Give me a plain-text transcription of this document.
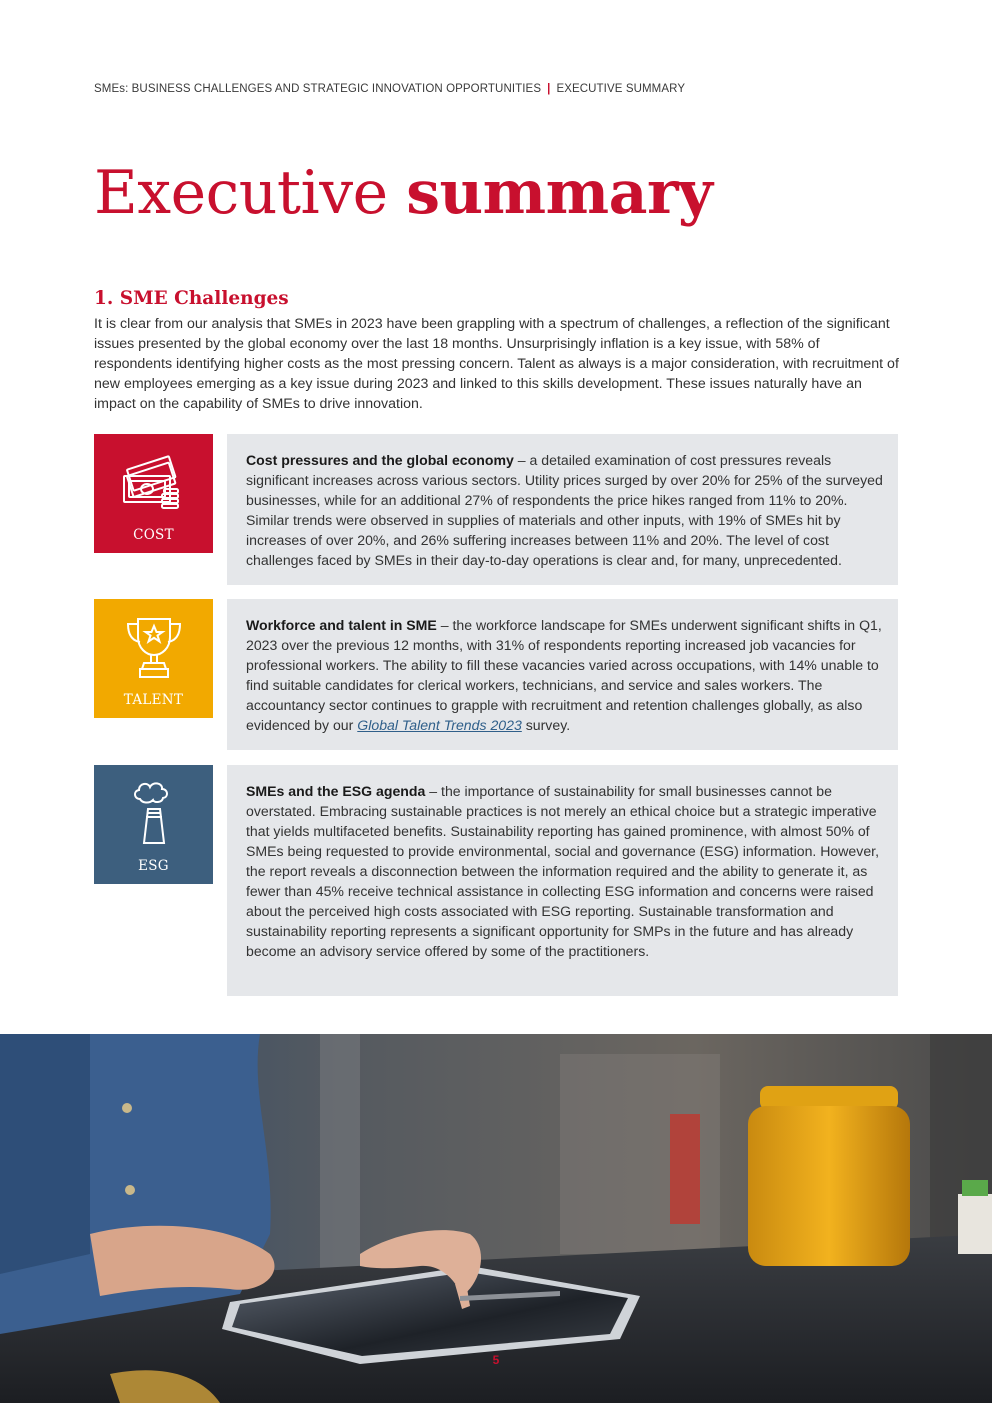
SMEs: BUSINESS CHALLENGES AND STRATEGIC INNOVATION OPPORTUNITIES | EXECUTIVE SUMMARY
Executive summary
1. SME Challenges

It is clear from our analysis that SMEs in 2023 have been grappling with a spectrum of challenges, a reflection of the significant issues presented by the global economy over the last 18 months. Unsurprisingly inflation is a key issue, with 58% of respondents identifying higher costs as the most pressing concern. Talent as always is a major consideration, with recruitment of new employees emerging as a key issue during 2023 and linked to this skills development. These issues naturally have an impact on the capability of SMEs to drive innovation.

COST
Cost pressures and the global economy – a detailed examination of cost pressures reveals significant increases across various sectors. Utility prices surged by over 20% for 25% of the surveyed businesses, while for an additional 27% of respondents the price hikes ranged from 11% to 20%. Similar trends were observed in supplies of materials and other inputs, with 19% of SMEs hit by increases of over 20%, and 26% suffering increases between 11% and 20%. The level of cost challenges faced by SMEs in their day-to-day operations is clear and, for many, unprecedented.
TALENT
Workforce and talent in SME – the workforce landscape for SMEs underwent significant shifts in Q1, 2023 over the previous 12 months, with 31% of respondents reporting increased job vacancies for professional workers. The ability to fill these vacancies varied across occupations, with 14% unable to find suitable candidates for clerical workers, technicians, and service and sales workers. The accountancy sector continues to grapple with recruitment and retention challenges globally, as also evidenced by our Global Talent Trends 2023 survey.
ESG
SMEs and the ESG agenda – the importance of sustainability for small businesses cannot be overstated. Embracing sustainable practices is not merely an ethical choice but a strategic imperative that yields multifaceted benefits. Sustainability reporting has gained prominence, with almost 50% of SMEs being requested to provide environmental, social and governance (ESG) information. However, the report reveals a disconnection between the information required and the ability to generate it, as fewer than 45% receive technical assistance in collecting ESG information and concerns were raised about the perceived high costs associated with ESG reporting. Sustainable transformation and sustainability reporting represents a significant opportunity for SMPs in the future and has already become an advisory service offered by some of the practitioners.
5
